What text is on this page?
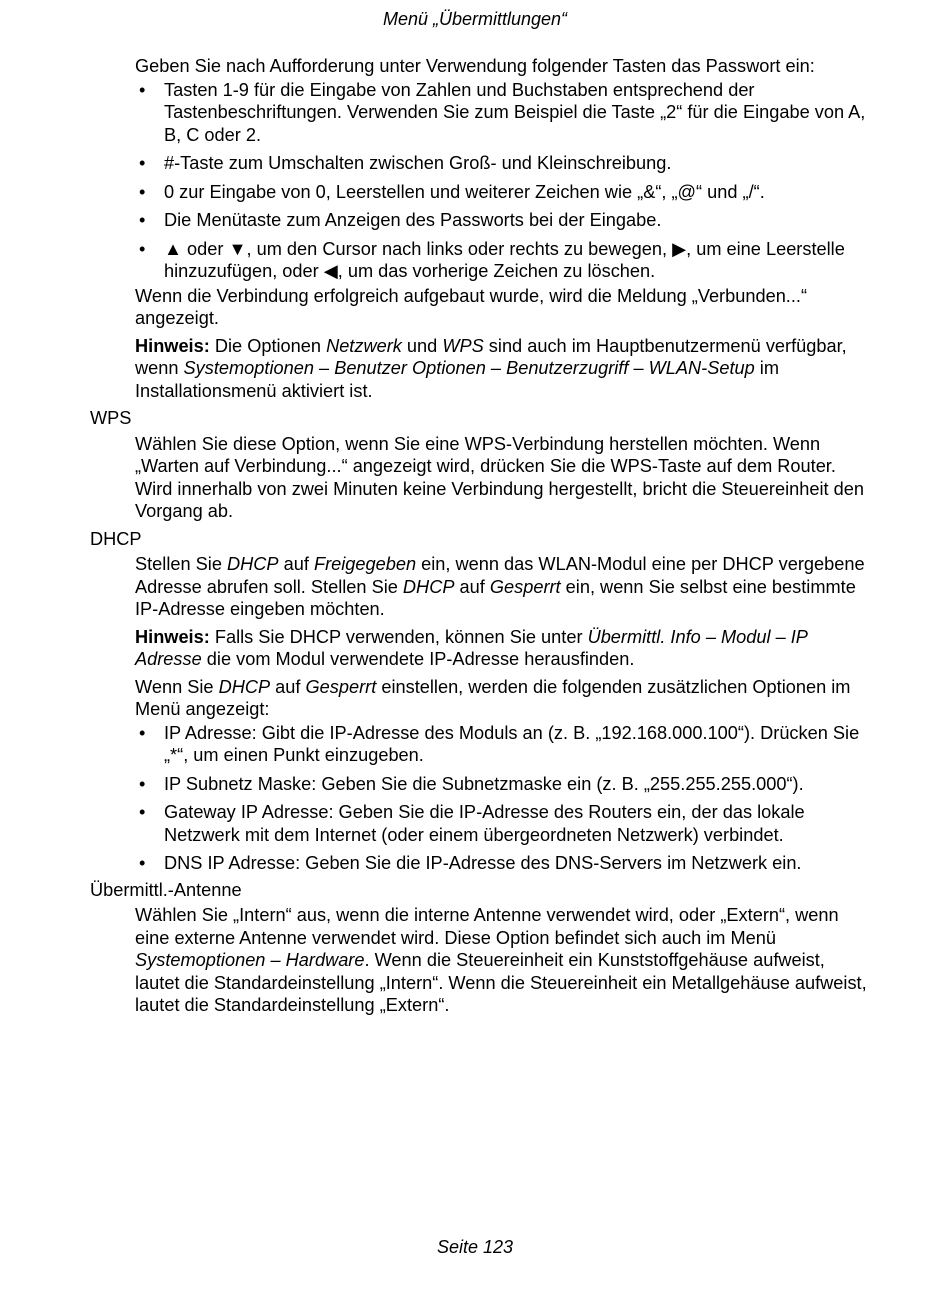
Menü „Übermittlungen“

Geben Sie nach Aufforderung unter Verwendung folgender Tasten das Passwort ein:

• Tasten 1-9 für die Eingabe von Zahlen und Buchstaben entsprechend der Tastenbeschriftungen. Verwenden Sie zum Beispiel die Taste „2“ für die Eingabe von A, B, C oder 2.
• #-Taste zum Umschalten zwischen Groß- und Kleinschreibung.
• 0 zur Eingabe von 0, Leerstellen und weiterer Zeichen wie „&“, „@“ und „/“.
• Die Menütaste zum Anzeigen des Passworts bei der Eingabe.
• ▲ oder ▼, um den Cursor nach links oder rechts zu bewegen, ▶, um eine Leerstelle hinzuzufügen, oder ◀, um das vorherige Zeichen zu löschen.

Wenn die Verbindung erfolgreich aufgebaut wurde, wird die Meldung „Verbunden...“ angezeigt.

Hinweis: Die Optionen Netzwerk und WPS sind auch im Hauptbenutzermenü verfügbar, wenn Systemoptionen – Benutzer Optionen – Benutzerzugriff – WLAN-Setup im Installationsmenü aktiviert ist.

WPS

Wählen Sie diese Option, wenn Sie eine WPS-Verbindung herstellen möchten. Wenn „Warten auf Verbindung...“ angezeigt wird, drücken Sie die WPS-Taste auf dem Router. Wird innerhalb von zwei Minuten keine Verbindung hergestellt, bricht die Steuereinheit den Vorgang ab.

DHCP

Stellen Sie DHCP auf Freigegeben ein, wenn das WLAN-Modul eine per DHCP vergebene Adresse abrufen soll. Stellen Sie DHCP auf Gesperrt ein, wenn Sie selbst eine bestimmte IP-Adresse eingeben möchten.

Hinweis: Falls Sie DHCP verwenden, können Sie unter Übermittl. Info – Modul – IP Adresse die vom Modul verwendete IP-Adresse herausfinden.

Wenn Sie DHCP auf Gesperrt einstellen, werden die folgenden zusätzlichen Optionen im Menü angezeigt:

• IP Adresse: Gibt die IP-Adresse des Moduls an (z. B. „192.168.000.100“). Drücken Sie „*“, um einen Punkt einzugeben.
• IP Subnetz Maske: Geben Sie die Subnetzmaske ein (z. B. „255.255.255.000“).
• Gateway IP Adresse: Geben Sie die IP-Adresse des Routers ein, der das lokale Netzwerk mit dem Internet (oder einem übergeordneten Netzwerk) verbindet.
• DNS IP Adresse: Geben Sie die IP-Adresse des DNS-Servers im Netzwerk ein.

Übermittl.-Antenne

Wählen Sie „Intern“ aus, wenn die interne Antenne verwendet wird, oder „Extern“, wenn eine externe Antenne verwendet wird. Diese Option befindet sich auch im Menü Systemoptionen – Hardware. Wenn die Steuereinheit ein Kunststoffgehäuse aufweist, lautet die Standardeinstellung „Intern“. Wenn die Steuereinheit ein Metallgehäuse aufweist, lautet die Standardeinstellung „Extern“.

Seite 123
